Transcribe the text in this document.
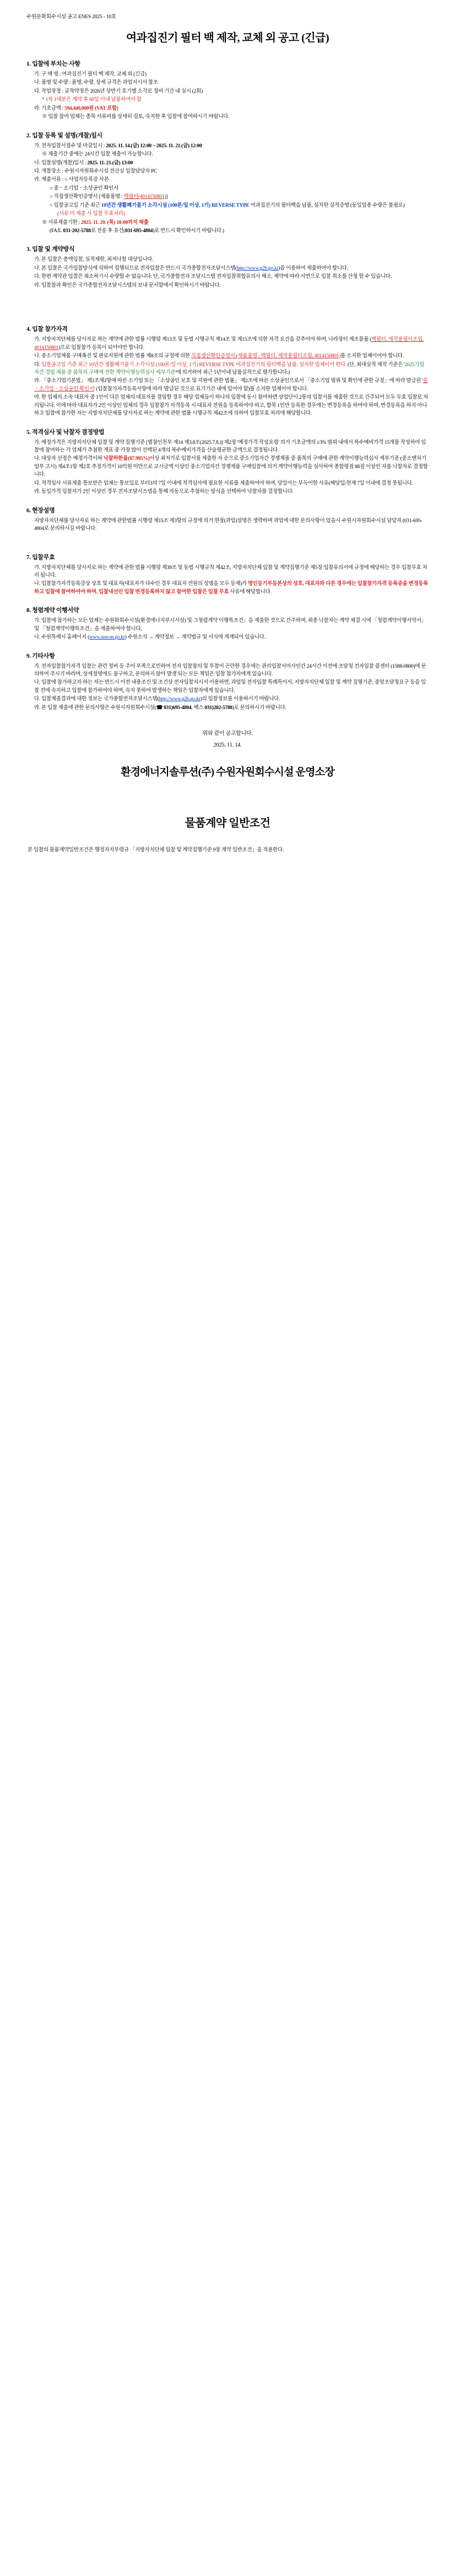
수원문화회수시설 공고 ENES 2025 - 10호
여과집진기 필터 백 제작, 교체 외 공고 (긴급)
1. 입찰에 부치는 사항
가. 구 매 명 : 여과집진기 필터 백 제작, 교체 외 (긴급)
나. 품명 및 수량 : 품명, 수량, 상세 규격은 과업지시서 참조
다. 작업장정 : 굴착약정은 2026년 상반기 호기별 소각로 정비 기간 내 실시 (2회)
* 1차 1대분은 계약 후 60일 이내 납품하여야 함
라. 기초금액 : 594,440,000원 (VAT 포함)
※ 입찰 참여 업체는 종목 서류비를 상세히 검토, 숙지한 후 입찰에 참여하시기 바랍니다.
2. 입찰 등록 및 설명(개찰)일시
가. 전자입찰서접수 및 마감일시 : 2025. 11. 14.(금) 12:00 ~ 2025. 11. 21.(금) 12:00
※ 제출기간 중에는 24시간 입찰 제출이 가능합니다.
나. 입찰설명(개찰)일시 : 2025. 11. 21.(금) 13:00
다. 개찰장소 : 수원시자원회수시설 전산실 입찰담당자 PC
라. 제출서류 : ○ 사업자등록증 사본
○ 중ㆍ소기업ㆍ소상공인 확인서
○ 직접생산확인증명서 [제품품명 : 백필터(4014150801)]
○ 입찰공고일 기준 최근 10년간 생활폐기물기 소각시설 (100톤/일 이상, 1기) REVERSE TYPE 여과집진기의 필터백을 납품, 설치한 실적증명 (동일업종 수량은 불필요)
(서류 미 제출 시 입찰 무효처리)
※ 서류제출기한 : 2025. 11. 20. (목) 18:00까지 제출
(FAX. 031-202-5788로 전송 후 유선(031-695-4804)로 반드시 확인하시기 바랍니다.)
3. 입찰 및 계약방식
가. 본 입찰은 총액입찰, 실적제한, 최저낙찰 대상입니다.
나. 본 입찰은 국가입찰방식에 의하여 집행되므로 전자입찰은 반드시 국가종합전자조달시스템(http://www.g2b.go.kr)을 이용하여 제출하여야 합니다.
다. 한편 계약관 입찰은 최소하기시 수량할 수 없습니다. 단, 국가종합전자 조달시스템 전자입찰취합유의사 해소, 제약에 따라 서면으로 입찰 취소를 산청 할 수 있습니다.
라. 입찰참과 확인은 국가종합전자조달시스템의 보내 문서함에서 확인하시기 바랍니다.
4. 입찰 참가자격
가. 지방자치단체를 당사자로 하는 계약에 관한 법률 시행령 제13조 및 동법 시행규칙 제14조 및 제15조에 의한 자격 요건을 갖추어야 하며, 나라장터 제조물품 (백필터, 제작용필터조립, 4014150801)으로 입찰참가 등록이 되어야만 합니다.
나. 중소기업제품 구매촉진 및 판로지원에 관한 법률 제8조의 규정에 의한 직접생산확인증명서 (제품품명 : 백필터, 제작용필터조립, 4014150801)를 소지한 업체이어야 합니다.
다. 입찰공고일 기준 최근 10년간 생활폐기물기 소각시설 (100톤/일 이상, 1기) REVERSE TYPE 여과집진기의 필터백을 납품, 설치한 업체이어 한다. (단, 최대실적 제작 기준은 '2025기업자간 경험 제품 중 품목의 구매에 전한 계약이행능력심사 세부기준'에 의거하여 최근 5년이내 납품실적으로 평가합니다.)
라. 「중소기업기본법」 제2조제2항에 따른 소기업 또는 「소상공인 보호 및 지원에 관한 법률」 제2조에 따른 소상공인으로서 「중소기업 범위 및 확인에 관한 규정」에 따라 발급된 '중ㆍ소기업ㆍ소상공인 확인서' (입찰참가자격등록사항에 따라 '발급된 것으로 표기기간 내에 있어야 함)를 소지한 업체이어 합니다.
마. 한 업체의 소속 대표자 중 1인이 다른 업체의 대표자를 겸임할 경우 해당 업체들이 하나의 입찰에 동시 참여하면 상업단이 2통의 입찰서를 제출한 것으로 간주되어 모두 무효 입찰로 처리됩니다. 이에 따라 대표자가 2인 이상인 업체의 경우 입찰참가 자격등록 시 대표자 전원을 등록하여야 하고, 합목 1인만 등록한 경우에는 변경등록을 하여야 하며, 변경등록을 하지 아니하고 입찰에 참가한 자는 지방자치단체를 당사자로 하는 계약에 관한 법률 시행규칙 제42조에 의하여 입찰무효 처리에 해당합니다.
5. 적격심사 및 낙찰자 결정방법
가. 예정가격은 지방자치단체 입찰 및 계약 집행기준 [별첨인천부 제14 제3,8조(2025.7.8.)] 제2장 '예정가격 작성요령' 의거 기초금액의 ±3% 범위 내에서 복수예비가격 15개를 작성하여 입찰에 참여하는 각 업체가 추첨한 개표 중 가장 많이 선택된 4개의 복수예비가격을 산술평균한 금액으로 결정됩니다.
나. 대상자 선정은 예정가격이하 낙찰하한율(87.995%)이상 최저가로 입찰서를 제출한 자 순으로 중소기업자간 경쟁제품 중 품목의 구매에 관한 계약이행능력심사 세부기준 (중소벤처기업부 고시) 제4조1항 제2호 추정가격이 10억원 미만으로 교시금액 이상인 중소기업자간 경쟁제품 구매입찰에 의거 계약이행능력을 심사하여 종합평점 88점 이상인 자를 낙찰자로 결정합니다.
다. 적격심사 서류제출 통보받은 업체는 통보일로 부터3의 7일 이내에 적격심사에 필요한 서류를 제출하여야 하며, 당일이는 부득이한 사유(해당일/천재 7일 이내에 결정 못됩니다.
라. 동일가격 입찰자가 2인 이상인 경우 전자조달시스템을 통해 자동으로 추첨하는 방식을 선택하여 낙찰자를 결정합니다.
6. 현장설명
지방자치단체를 당사자로 하는 계약에 관한법률 시행령 제15조 제3항의 규정에 의거 현장(과업)설명은 생략하며 과업에 대한 문의사항이 있을시 수원시자원회수시설 담당자 (031-695-4804로 문의하시길 바랍니다.
7. 입찰무효
가. 지방자치단체를 당사자로 하는 계약에 관한 법률 시행령 제39조 및 동법 시행규칙 제42조, 지방자치단체 입찰 및 계약집행기준 제5장 입찰유의서에 규정에 해당하는 경우 입찰무효 처리 됩니다.
나. 입찰참가자격등록증상 상호 및 대표자(대표자가 다수인 경우 대표자 전원의 성명을 모두 등재)가 명인등기부등본상의 상호, 대표자와 다른 경우에는 입찰참가자격 등록증을 변경등록하고 입찰에 참여하여야 하며, 입찰내선인 입찰 변경등록하지 않고 참여한 입찰은 입찰 무효 사유에 해당합니다.
8. 청렴계약 이행서약
가. 입찰에 참가하는 모든 업체는 수원화회수시설(환경에너지부시시설) 및 그청렴계약 이행특조건」을 제출한 것으로 간주하며, 최종 낙찰자는 계약 체결 시에 「청렴계약이행서약서」및 「청렴계약이행특조건」을 제출하여야 합니다.
나. 수원특례시 홈페이지 (www.suwon.go.kr) 수원소식 → 계약정보 → 계약법규 및 서식에 게재되어 있습니다.
9. 기타사항
가. 전자입찰참가자격 입찰는 관련 정비 등 주어 부족으로민하여 전자 입찰참의 및 투찰이 곤란한 경우에는 관리입찰서미사인간 24시간 이전에 조달청 전자입찰 콜센터 (1588-0800)에 문의하여 주시기 바라며, 상세절명에도 불구하고, 문의하지 않아 발생 되는 모든 책임은 입찰 참가자에게 있습니다.
나. 입찰에 참가하고자 하는 자는 반드시 이전 내용조건 및 조건상 전자입찰지시서 이용하면, 과업및 전자입찰 특례특이서, 지방자치단체 입찰 및 계약 집행기준, 중앙조달청요구 등을 입찰 전에 숙지하고 입찰에 참가하여야 하며, 숙지 못하여 발생하는 책임은 입찰자에게 있습니다.
다. 입찰제출결과에 대한 정보는 국가종합전자조달시스템(http://www.g2b.go.kr)의 입찰정보를 이용하시기 바랍니다.
라. 본 입찰 제출에 관한 문의사항은 수원시자원회수시설(☎ 031)695-4804, 팩스 031)202-5788)로 문의하시기 바랍니다.
위와 같이 공고합니다.
2025. 11. 14.
환경에너지솔루션(주) 수원자원회수시설 운영소장
물품계약 일반조건
본 입찰의 물품계약일반조건은 행정자치부령규 「지방자치단체 입찰 및 계약집행기준 9장 계약 일반조건」을 적용한다.
